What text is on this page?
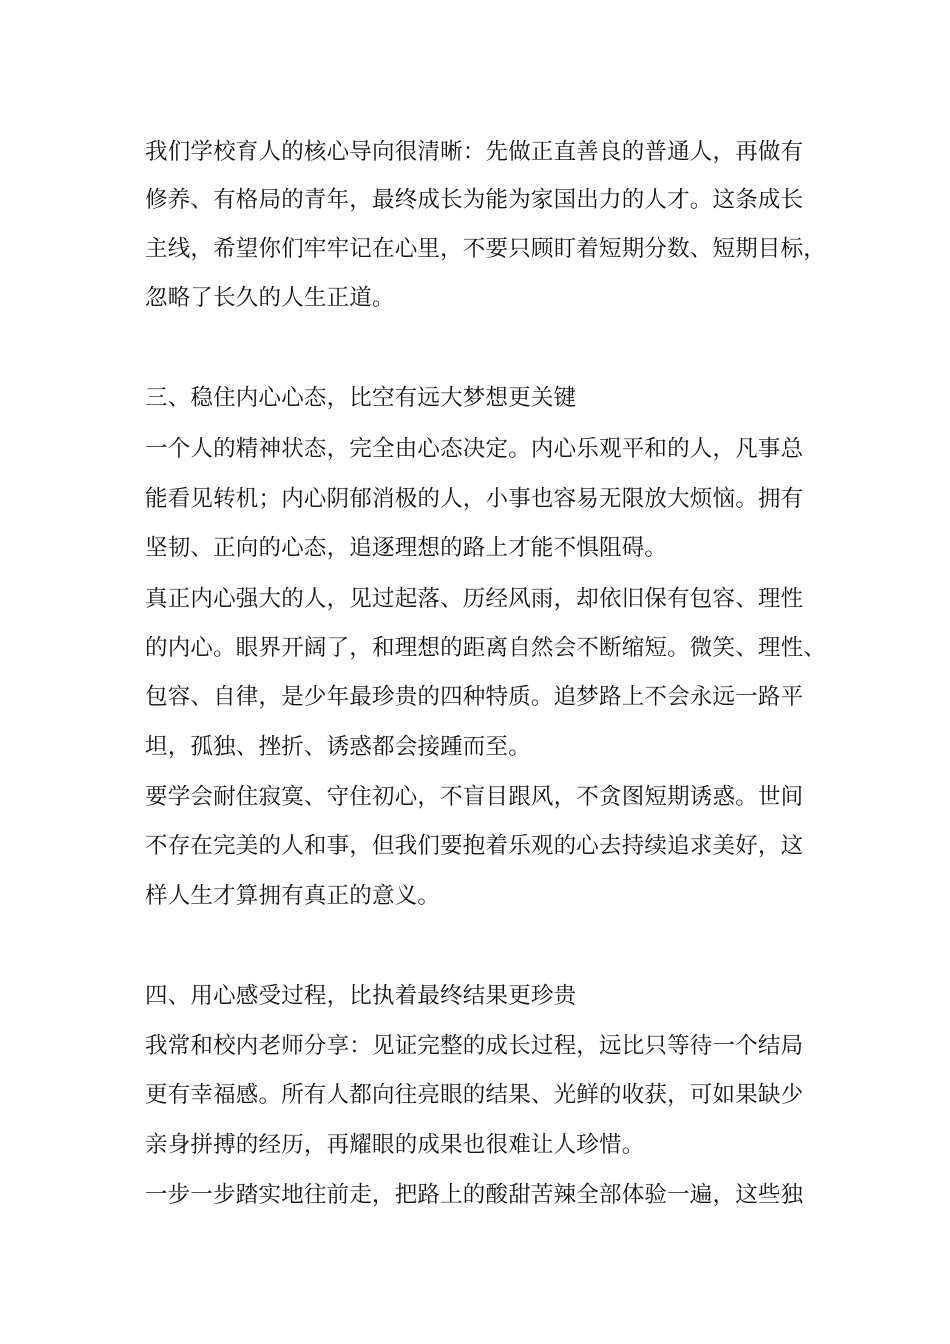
我们学校育人的核心导向很清晰：先做正直善良的普通人，再做有
修养、有格局的青年，最终成长为能为家国出力的人才。这条成长
主线，希望你们牢牢记在心里，不要只顾盯着短期分数、短期目标，
忽略了长久的人生正道。
三、稳住内心心态，比空有远大梦想更关键
一个人的精神状态，完全由心态决定。内心乐观平和的人，凡事总
能看见转机；内心阴郁消极的人，小事也容易无限放大烦恼。拥有
坚韧、正向的心态，追逐理想的路上才能不惧阻碍。
真正内心强大的人，见过起落、历经风雨，却依旧保有包容、理性
的内心。眼界开阔了，和理想的距离自然会不断缩短。微笑、理性、
包容、自律，是少年最珍贵的四种特质。追梦路上不会永远一路平
坦，孤独、挫折、诱惑都会接踵而至。
要学会耐住寂寞、守住初心，不盲目跟风，不贪图短期诱惑。世间
不存在完美的人和事，但我们要抱着乐观的心去持续追求美好，这
样人生才算拥有真正的意义。
四、用心感受过程，比执着最终结果更珍贵
我常和校内老师分享：见证完整的成长过程，远比只等待一个结局
更有幸福感。所有人都向往亮眼的结果、光鲜的收获，可如果缺少
亲身拼搏的经历，再耀眼的成果也很难让人珍惜。
一步一步踏实地往前走，把路上的酸甜苦辣全部体验一遍，这些独
